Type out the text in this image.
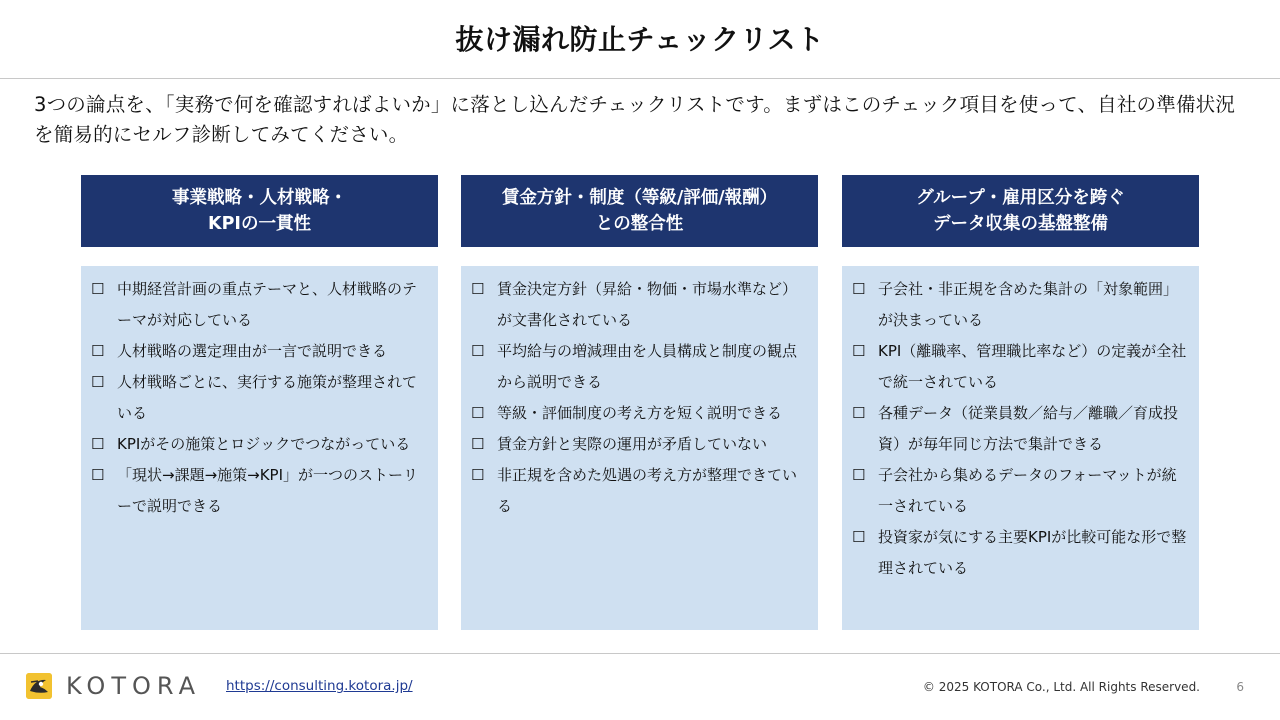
抜け漏れ防止チェックリスト
3つの論点を、「実務で何を確認すればよいか」に落とし込んだチェックリストです。まずはこのチェック項目を使って、自社の準備状況を簡易的にセルフ診断してみてください。
事業戦略・人材戦略・
KPIの一貫性
☐ 中期経営計画の重点テーマと、人材戦略のテーマが対応している
☐ 人材戦略の選定理由が一言で説明できる
☐ 人材戦略ごとに、実行する施策が整理されている
☐ KPIがその施策とロジックでつながっている
☐ 「現状→課題→施策→KPI」が一つのストーリーで説明できる
賃金方針・制度（等級/評価/報酬）
との整合性
☐ 賃金決定方針（昇給・物価・市場水準など）が文書化されている
☐ 平均給与の増減理由を人員構成と制度の観点から説明できる
☐ 等級・評価制度の考え方を短く説明できる
☐ 賃金方針と実際の運用が矛盾していない
☐ 非正規を含めた処遇の考え方が整理できている
グループ・雇用区分を跨ぐ
データ収集の基盤整備
☐ 子会社・非正規を含めた集計の「対象範囲」が決まっている
☐ KPI（離職率、管理職比率など）の定義が全社で統一されている
☐ 各種データ（従業員数／給与／離職／育成投資）が毎年同じ方法で集計できる
☐ 子会社から集めるデータのフォーマットが統一されている
☐ 投資家が気にする主要KPIが比較可能な形で整理されている
KOTORA https://consulting.kotora.jp/	© 2025 KOTORA Co., Ltd. All Rights Reserved.	6
